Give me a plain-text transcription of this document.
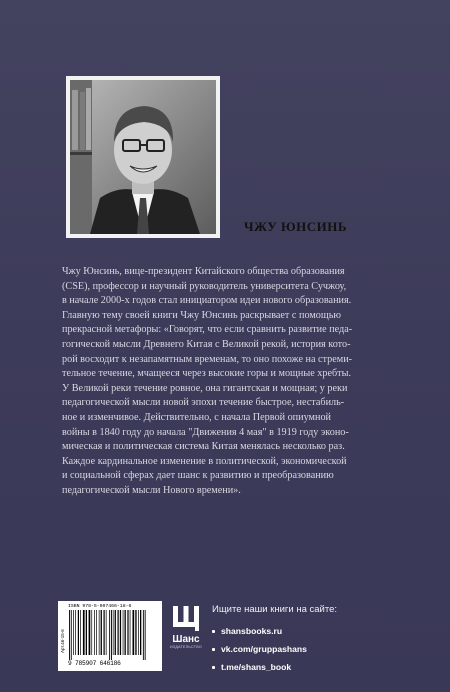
ЧЖУ ЮНСИНЬ

Чжу Юнсинь, вице-президент Китайского общества образования

(CSE), профессор и научный руководитель университета Сучжоу,

в начале 2000-х годов стал инициатором идеи нового образования.

Главную тему своей книги Чжу Юнсинь раскрывает с помощью

прекрасной метафоры: «Говорят, что если сравнить развитие педа-

гогической мысли Древнего Китая с Великой рекой, история кото-

рой восходит к незапамятным временам, то оно похоже на стреми-

тельное течение, мчащееся через высокие горы и мощные хребты.

У Великой реки течение ровное, она гигантская и мощная; у реки

педагогической мысли новой эпохи течение быстрое, нестабиль-

ное и изменчивое. Действительно, с начала Первой опиумной

войны в 1840 году до начала "Движения 4 мая" в 1919 году эконо-

мическая и политическая система Китая менялась несколько раз.

Каждое кардинальное изменение в политической, экономической

и социальной сферах дает шанс к развитию и преобразованию

педагогической мысли Нового времени».

Арт.46-15-6
ISBN 978-5-907466-18-6
9 785907 646186
Шанс
ИЗДАТЕЛЬСТВО
Ищите наши книги на сайте:
shansbooks.ru
vk.com/gruppashans
t.me/shans_book
